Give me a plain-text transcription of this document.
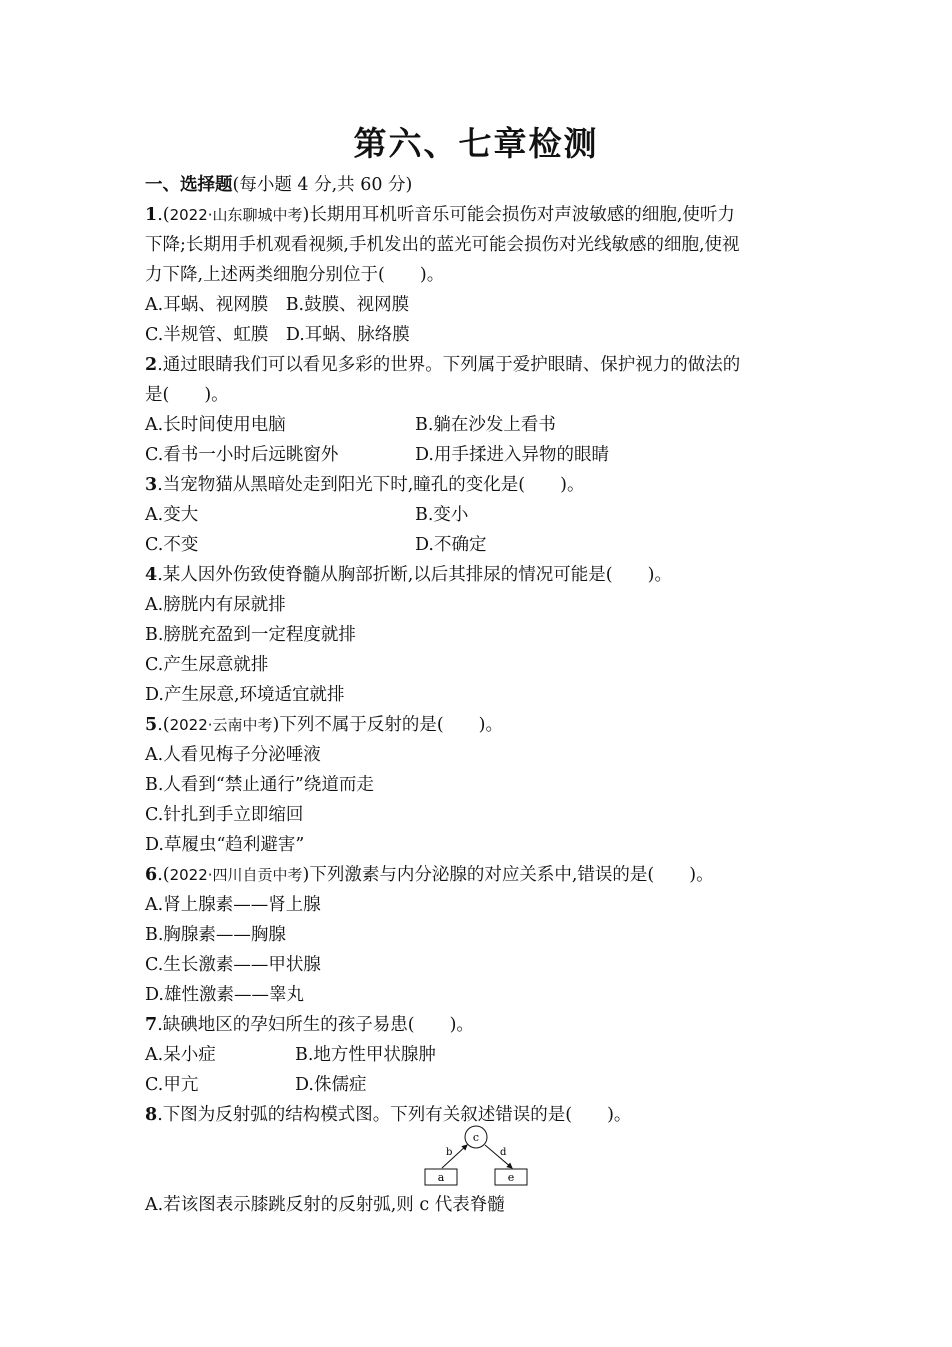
第六、七章检测
一、选择题(每小题 4 分,共 60 分)
1.(2022·山东聊城中考)长期用耳机听音乐可能会损伤对声波敏感的细胞,使听力
下降;长期用手机观看视频,手机发出的蓝光可能会损伤对光线敏感的细胞,使视
力下降,上述两类细胞分别位于(　　)。
A.耳蜗、视网膜　B.鼓膜、视网膜
C.半规管、虹膜　D.耳蜗、脉络膜
2.通过眼睛我们可以看见多彩的世界。下列属于爱护眼睛、保护视力的做法的
是(　　)。
A.长时间使用电脑	B.躺在沙发上看书
C.看书一小时后远眺窗外	D.用手揉进入异物的眼睛
3.当宠物猫从黑暗处走到阳光下时,瞳孔的变化是(　　)。
A.变大	B.变小
C.不变	D.不确定
4.某人因外伤致使脊髓从胸部折断,以后其排尿的情况可能是(　　)。
A.膀胱内有尿就排
B.膀胱充盈到一定程度就排
C.产生尿意就排
D.产生尿意,环境适宜就排
5.(2022·云南中考)下列不属于反射的是(　　)。
A.人看见梅子分泌唾液
B.人看到“禁止通行”绕道而走
C.针扎到手立即缩回
D.草履虫“趋利避害”
6.(2022·四川自贡中考)下列激素与内分泌腺的对应关系中,错误的是(　　)。
A.肾上腺素——肾上腺
B.胸腺素——胸腺
C.生长激素——甲状腺
D.雄性激素——睾丸
7.缺碘地区的孕妇所生的孩子易患(　　)。
A.呆小症	B.地方性甲状腺肿
C.甲亢	D.侏儒症
8.下图为反射弧的结构模式图。下列有关叙述错误的是(　　)。
A.若该图表示膝跳反射的反射弧,则 c 代表脊髓
c
b	d
a	e
